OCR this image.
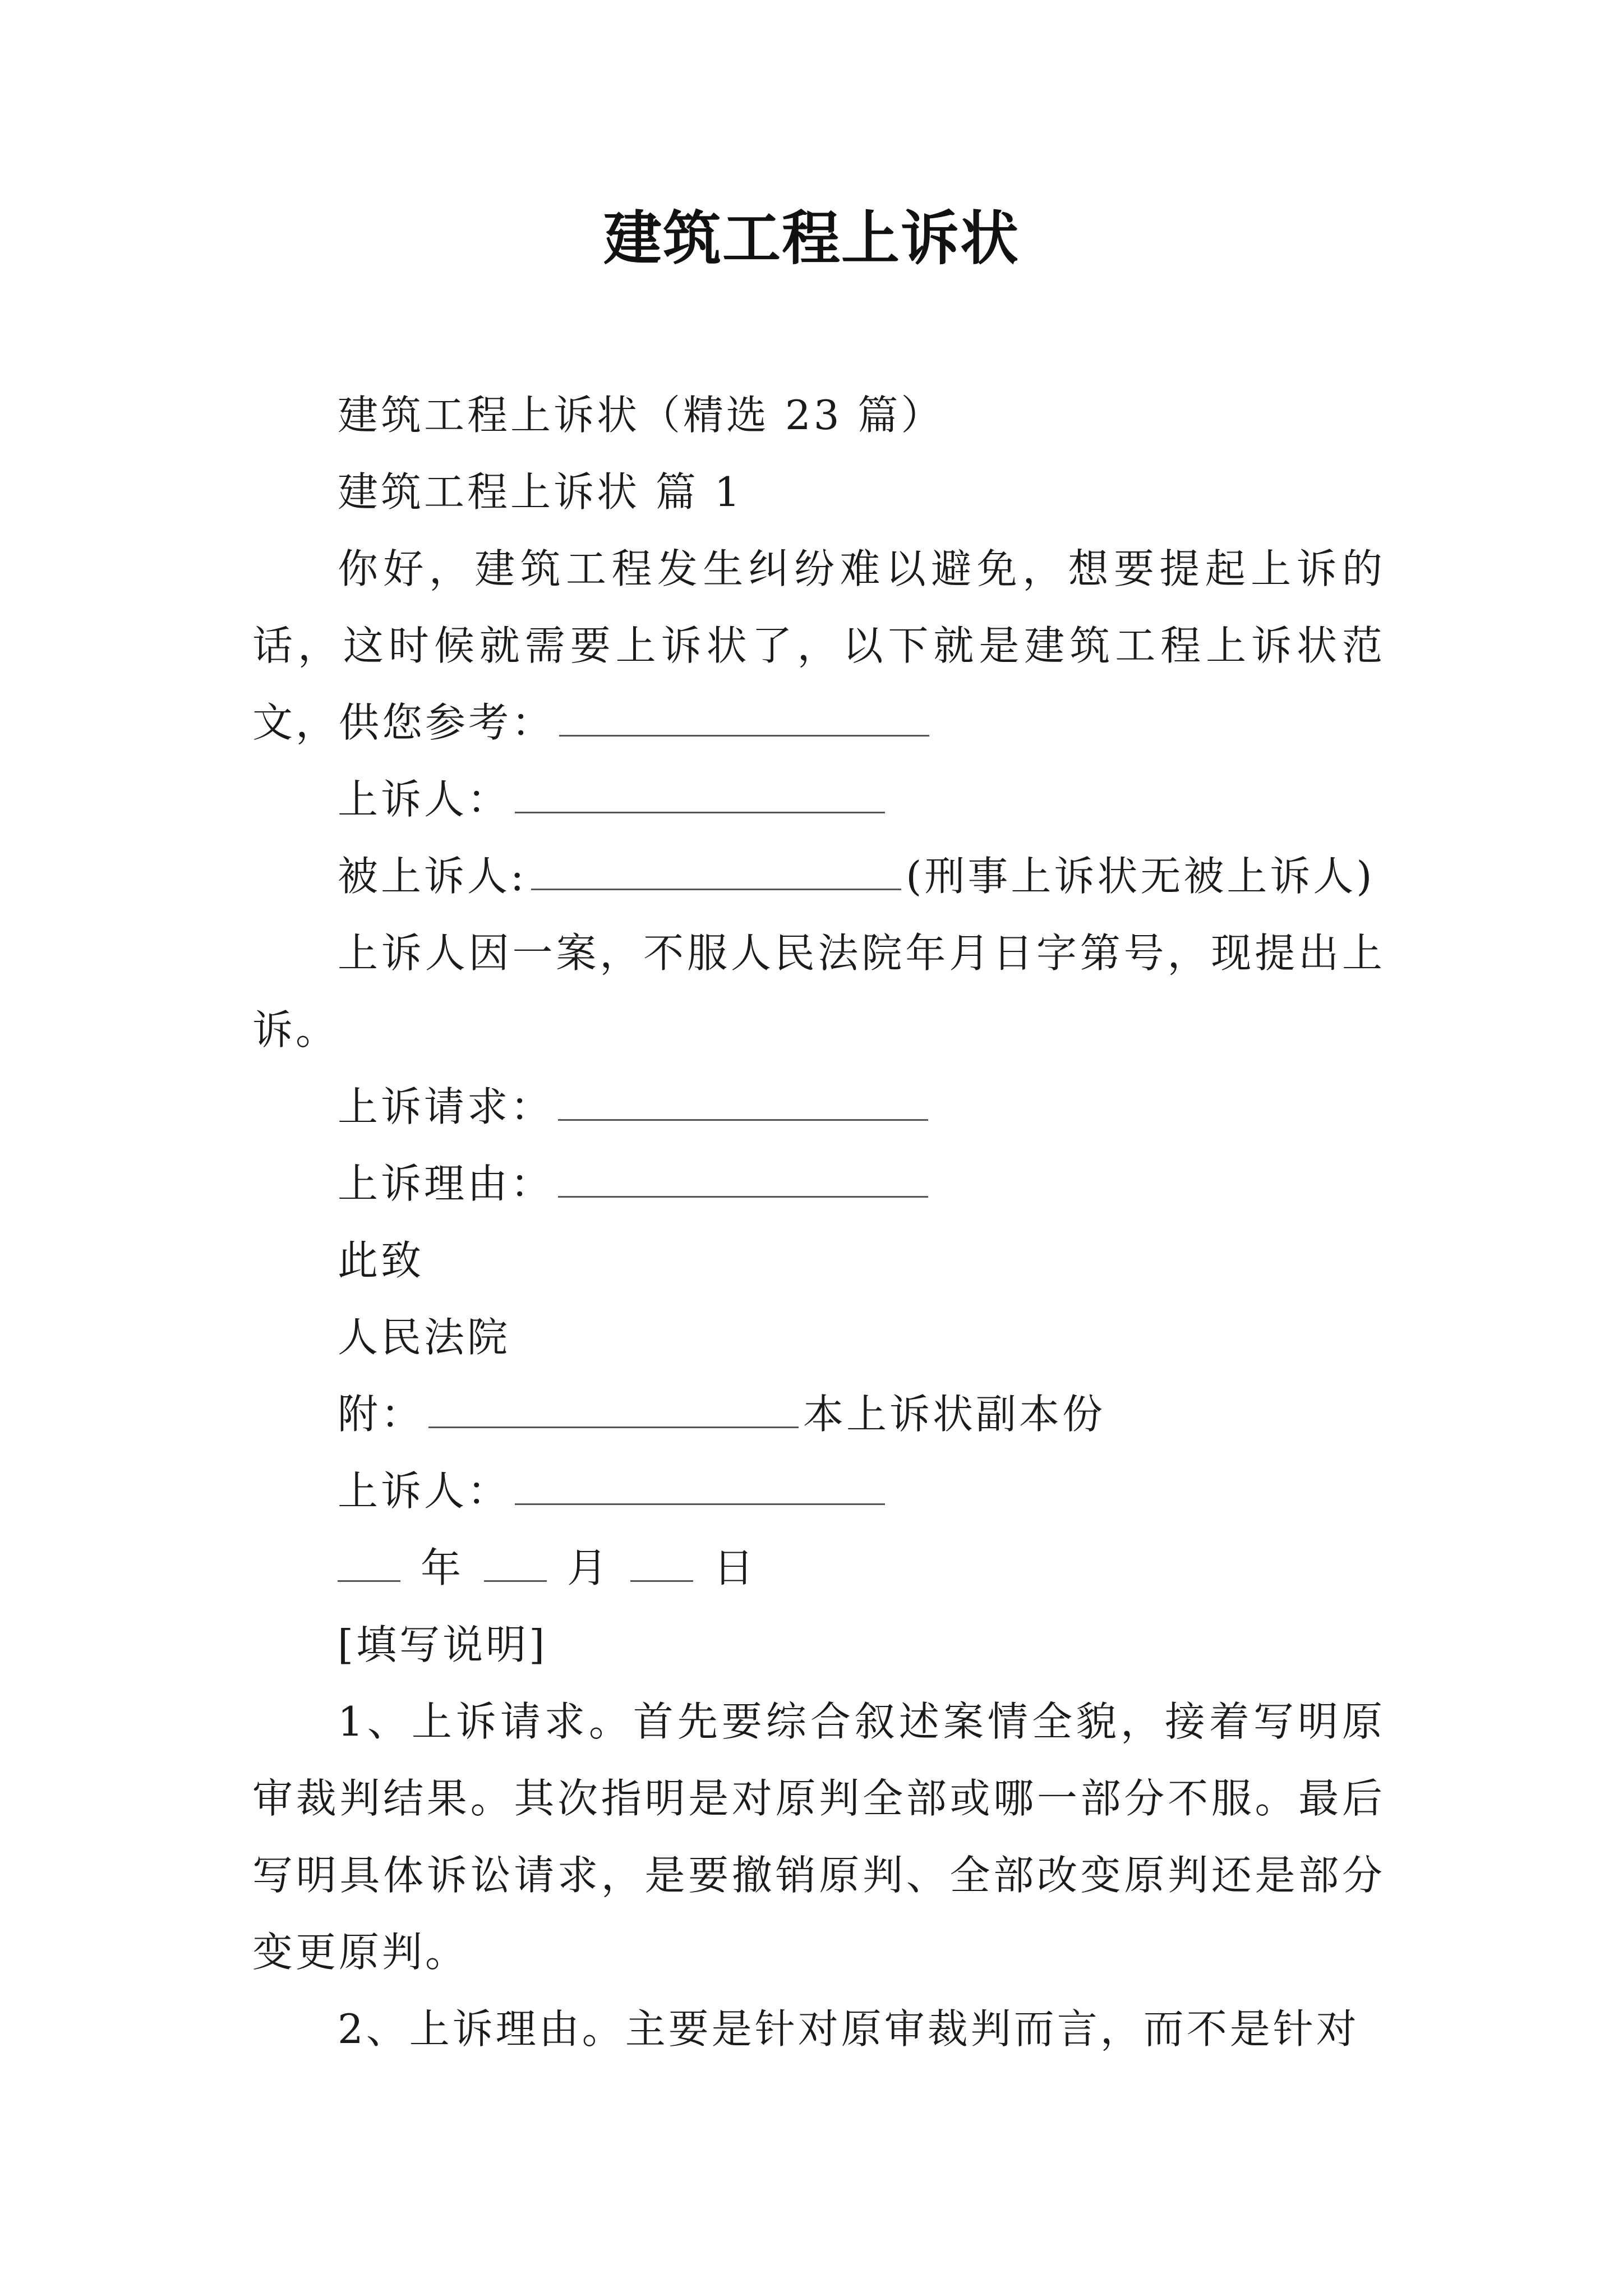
建筑工程上诉状

建筑工程上诉状（精选 23 篇）

建筑工程上诉状 篇 1

你好，建筑工程发生纠纷难以避免，想要提起上诉的话，这时候就需要上诉状了，以下就是建筑工程上诉状范文，供您参考：

上诉人：

被上诉人:	(刑事上诉状无被上诉人)

上诉人因一案，不服人民法院年月日字第号，现提出上诉。

上诉请求：

上诉理由：

此致

人民法院

附：	本上诉状副本份

上诉人：

年	月	日

[填写说明]

1、上诉请求。首先要综合叙述案情全貌，接着写明原审裁判结果。其次指明是对原判全部或哪一部分不服。最后写明具体诉讼请求，是要撤销原判、全部改变原判还是部分变更原判。

2、上诉理由。主要是针对原审裁判而言，而不是针对
